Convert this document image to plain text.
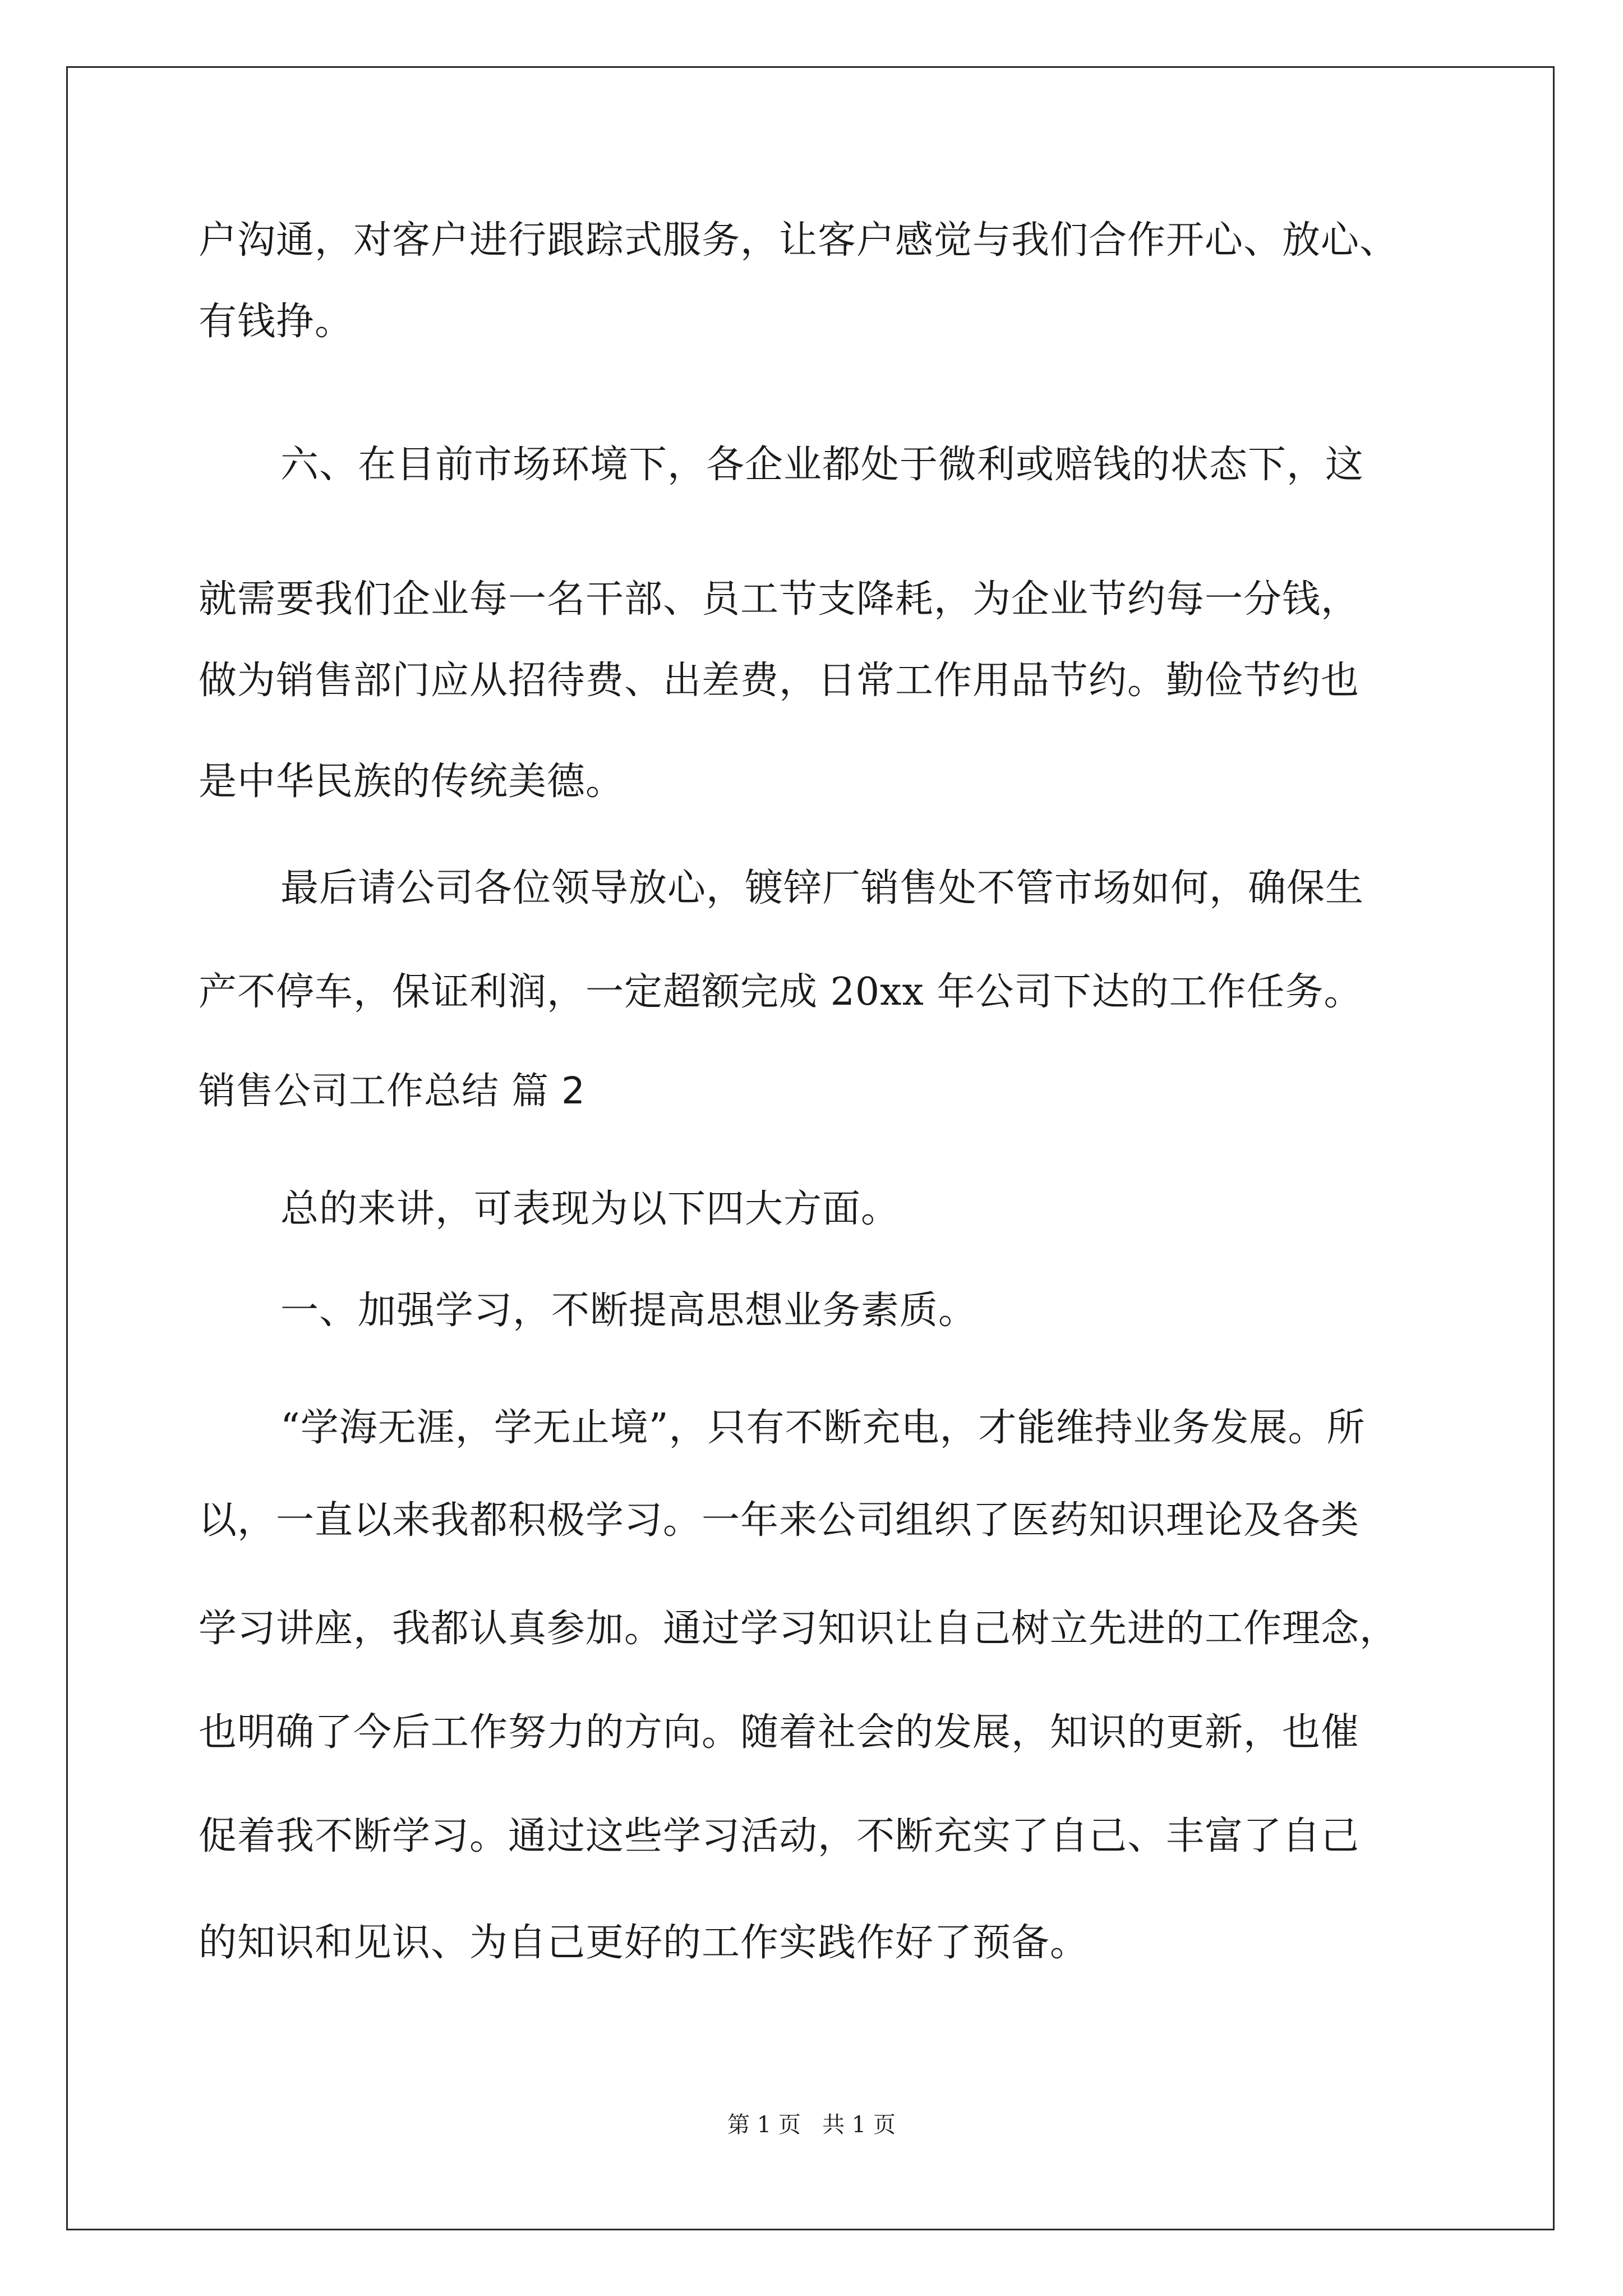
户沟通，对客户进行跟踪式服务，让客户感觉与我们合作开心、放心、
有钱挣。
六、在目前市场环境下，各企业都处于微利或赔钱的状态下，这
就需要我们企业每一名干部、员工节支降耗，为企业节约每一分钱，
做为销售部门应从招待费、出差费，日常工作用品节约。勤俭节约也
是中华民族的传统美德。
最后请公司各位领导放心，镀锌厂销售处不管市场如何，确保生
产不停车，保证利润，一定超额完成 20xx 年公司下达的工作任务。
销售公司工作总结 篇 2
总的来讲，可表现为以下四大方面。
一、加强学习，不断提高思想业务素质。
“学海无涯，学无止境”，只有不断充电，才能维持业务发展。所
以，一直以来我都积极学习。一年来公司组织了医药知识理论及各类
学习讲座，我都认真参加。通过学习知识让自己树立先进的工作理念，
也明确了今后工作努力的方向。随着社会的发展，知识的更新，也催
促着我不断学习。通过这些学习活动，不断充实了自己、丰富了自己
的知识和见识、为自己更好的工作实践作好了预备。
第 1 页   共 1 页
